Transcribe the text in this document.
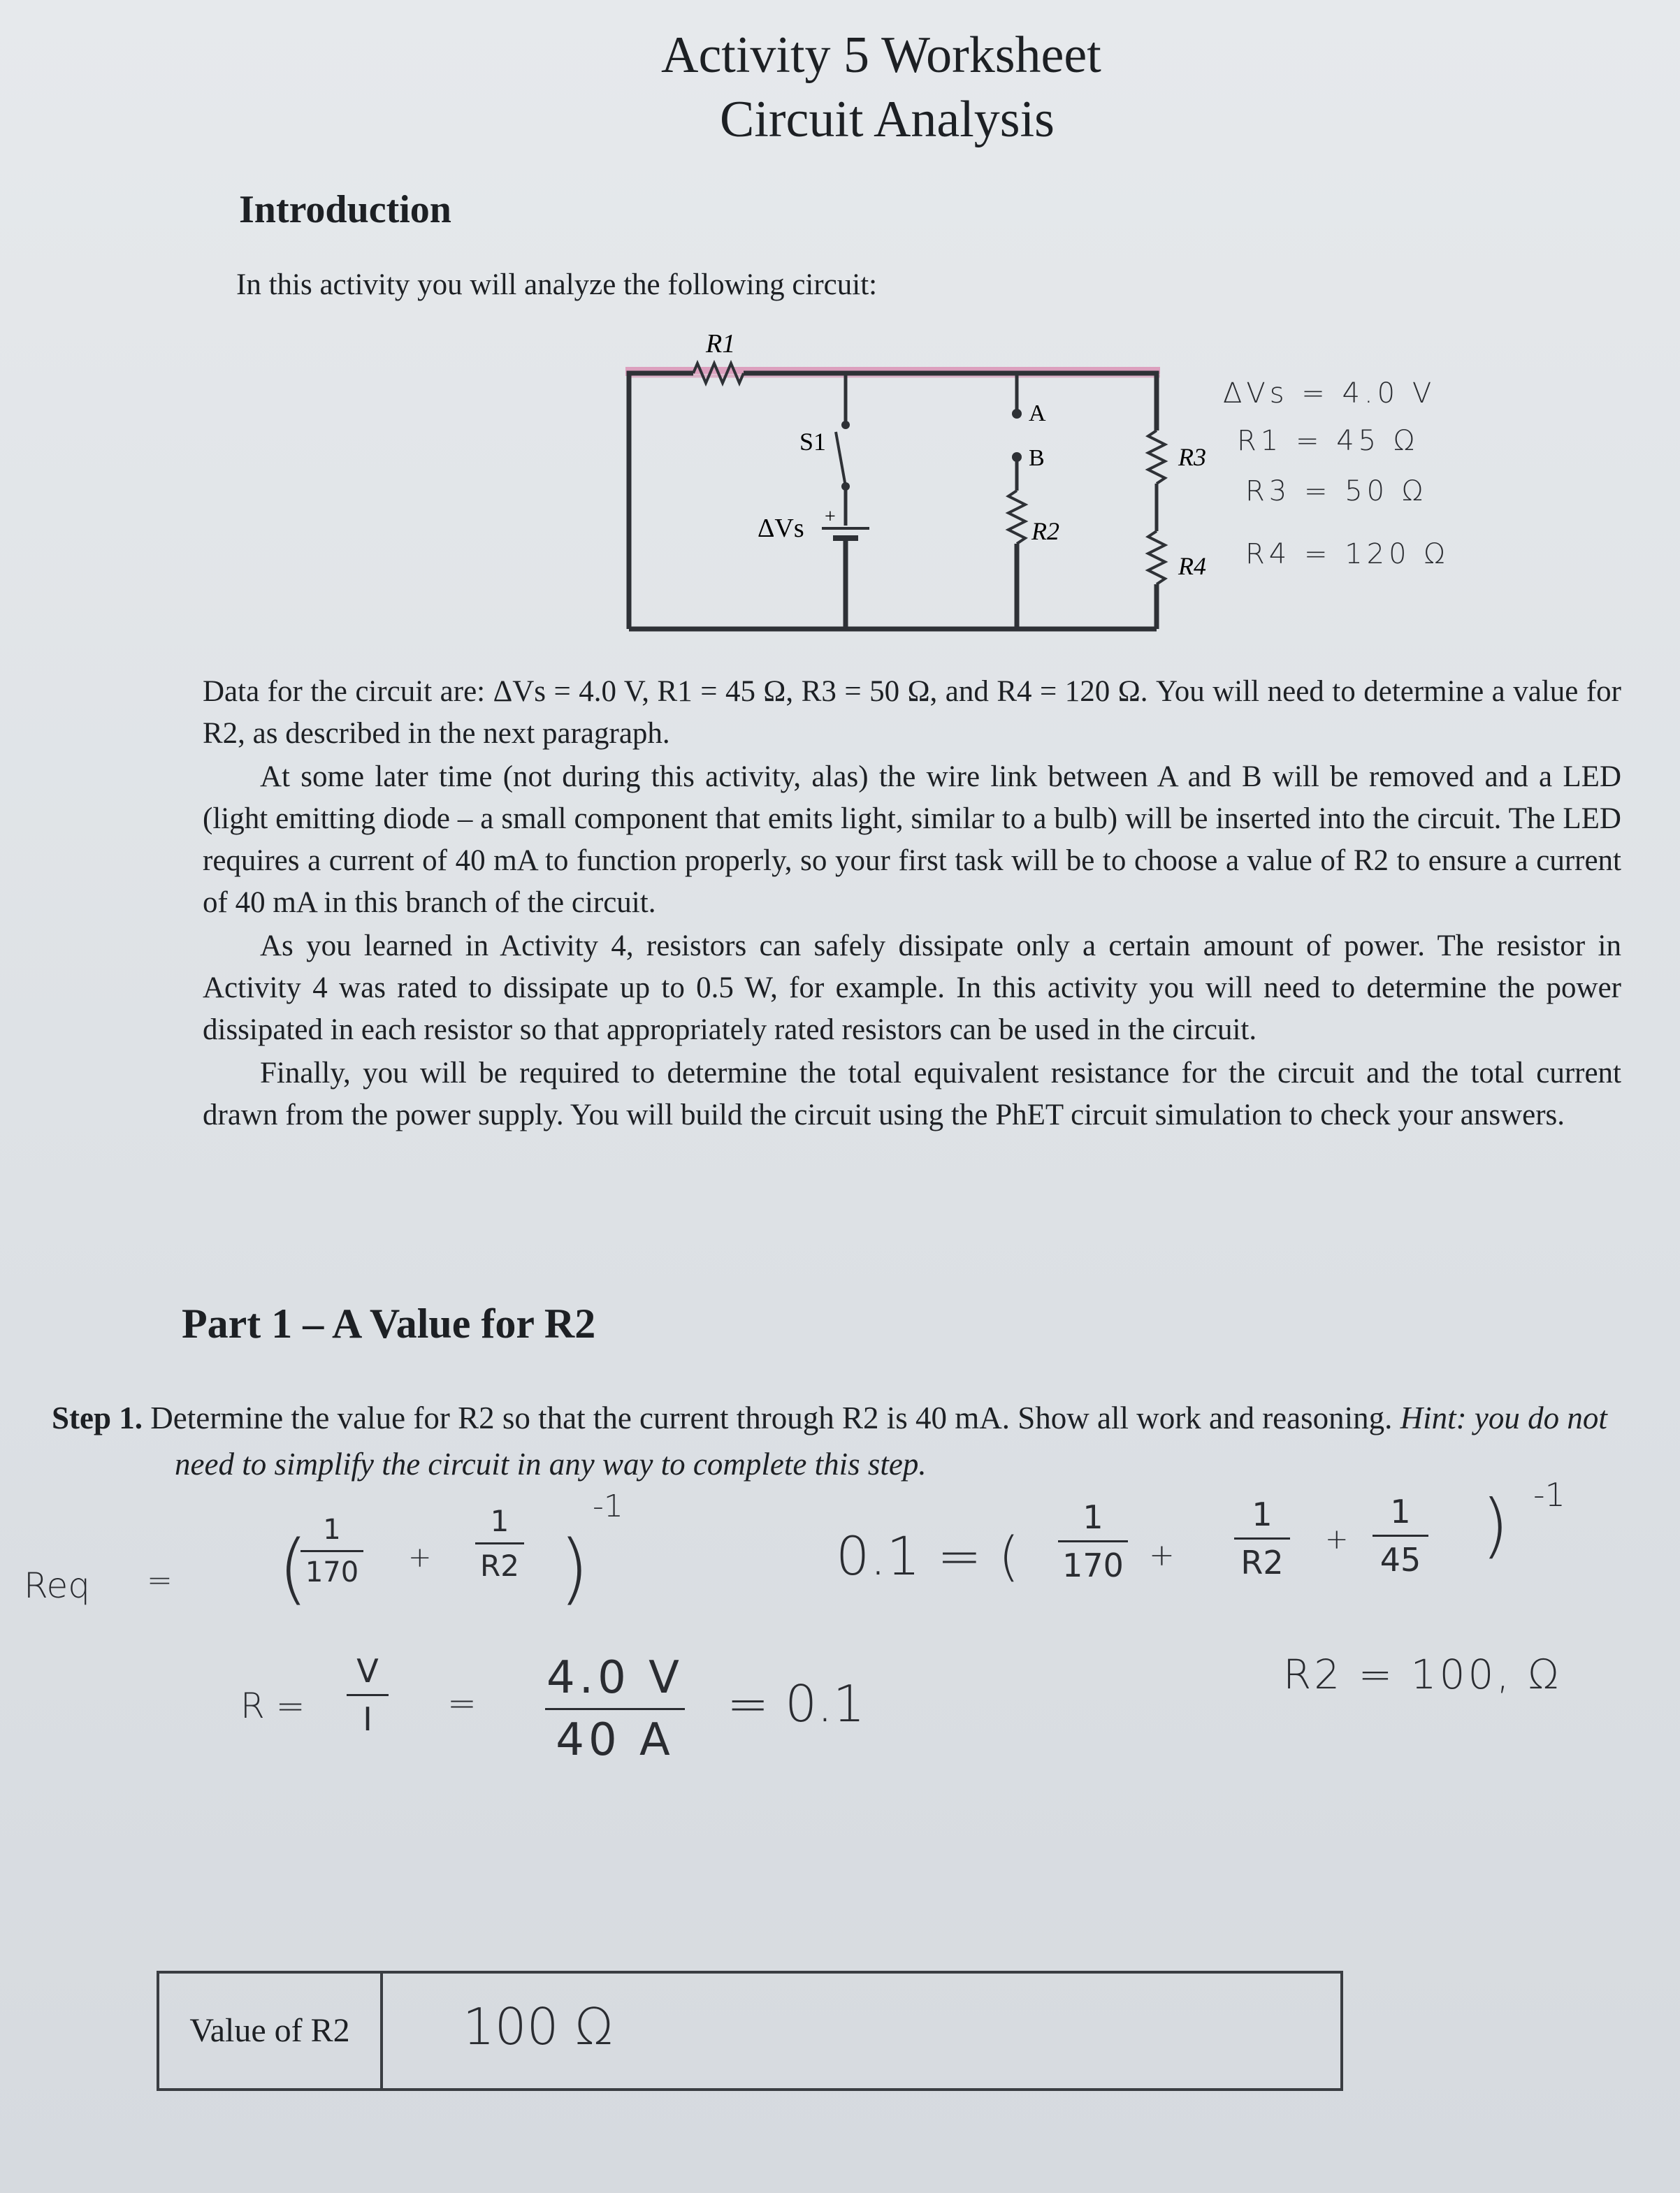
Activity 5 Worksheet
Circuit Analysis
Introduction
In this activity you will analyze the following circuit:
R1
S1
ΔVs +
A
B
R2
R3
R4
ΔVs = 4.0 V
R1 = 45 Ω
R3 = 50 Ω
R4 = 120 Ω

Data for the circuit are: ΔVs = 4.0 V, R1 = 45 Ω, R3 = 50 Ω, and R4 = 120 Ω. You will need to determine a value for R2, as described in the next paragraph.

At some later time (not during this activity, alas) the wire link between A and B will be removed and a LED (light emitting diode – a small component that emits light, similar to a bulb) will be inserted into the circuit. The LED requires a current of 40 mA to function properly, so your first task will be to choose a value of R2 to ensure a current of 40 mA in this branch of the circuit.

As you learned in Activity 4, resistors can safely dissipate only a certain amount of power. The resistor in Activity 4 was rated to dissipate up to 0.5 W, for example. In this activity you will need to determine the power dissipated in each resistor so that appropriately rated resistors can be used in the circuit.

Finally, you will be required to determine the total equivalent resistance for the circuit and the total current drawn from the power supply. You will build the circuit using the PhET circuit simulation to check your answers.

Part 1 – A Value for R2
Step 1. Determine the value for R2 so that the current through R2 is 40 mA. Show all work and reasoning. Hint: you do not need to simplify the circuit in any way to complete this step.
Req = ( 1
170 +
1
R2 )
-1
0.1 = (
1
170 +
1
R2
+
1
45 ) -1
R =
V
I	= 4.0 V
40 A
= 0.1	R2 = 100, Ω
Value of R2	100 Ω
